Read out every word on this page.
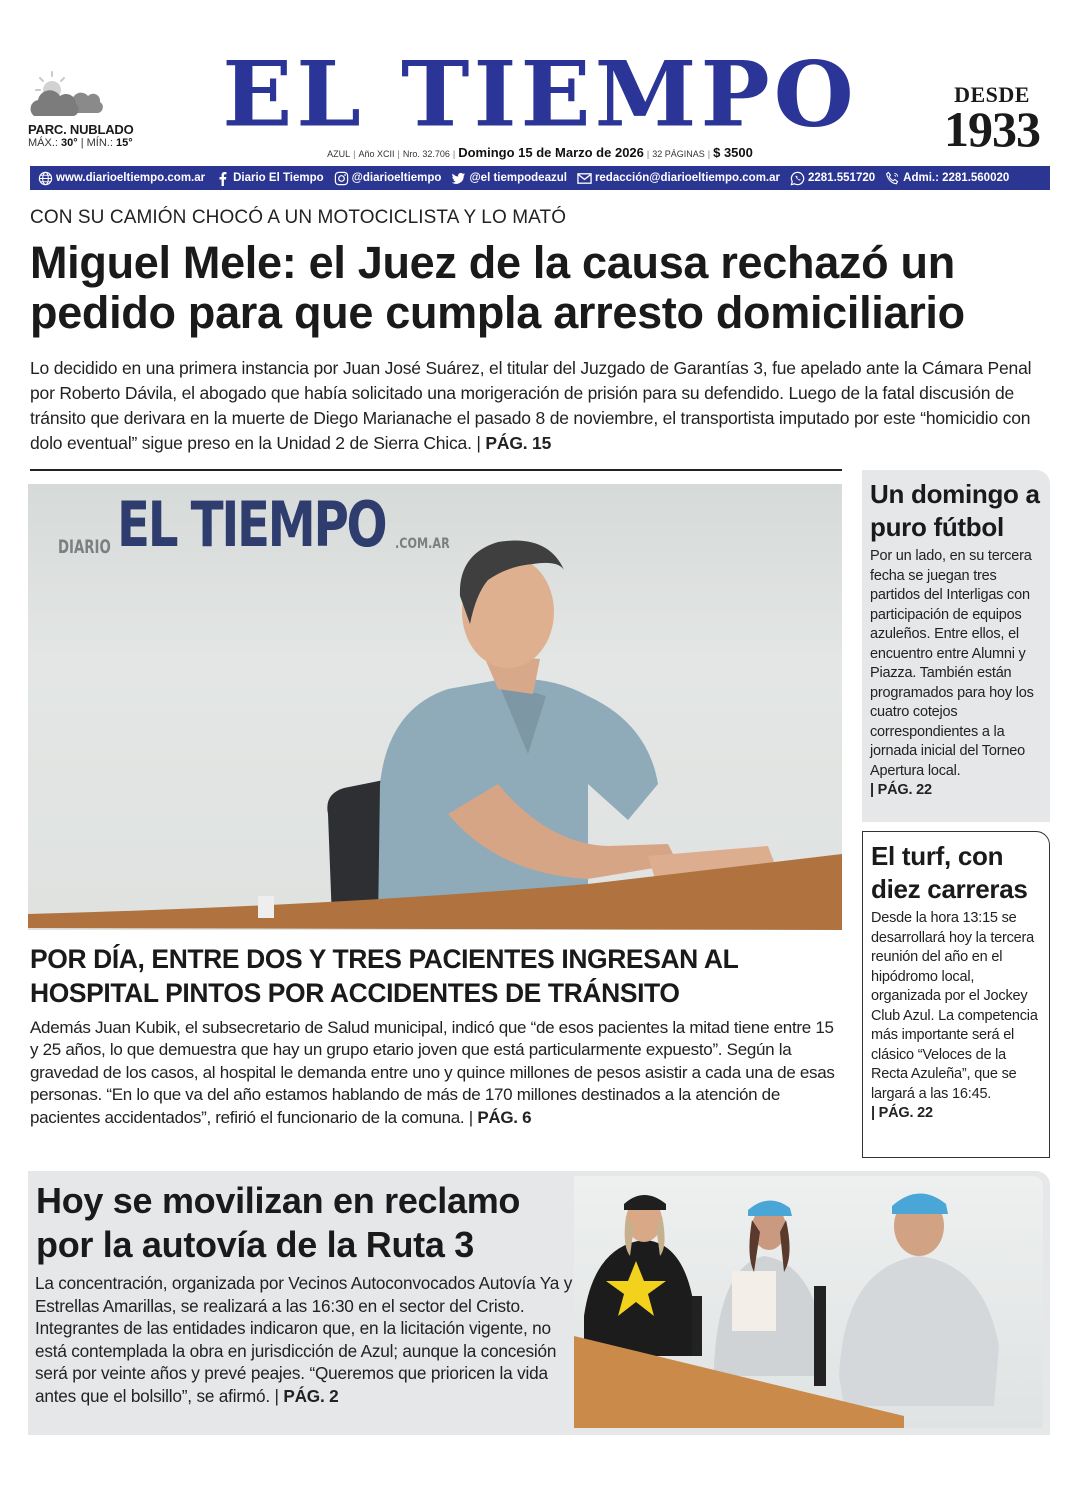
PARC. NUBLADO
MÁX.: 30° | MÍN.: 15° EL TIEMPO	DESDE
1933
AZUL | Año XCII | Nro. 32.706 | Domingo 15 de Marzo de 2026 | 32 PÁGINAS | $ 3500
www.diarioeltiempo.com.ar Diario El Tiempo @diarioeltiempo @el tiempodeazul redacción@diarioeltiempo.com.ar 2281.551720 Admi.: 2281.560020
CON SU CAMIÓN CHOCÓ A UN MOTOCICLISTA Y LO MATÓ
Miguel Mele: el Juez de la causa rechazó un pedido para que cumpla arresto domiciliario
Lo decidido en una primera instancia por Juan José Suárez, el titular del Juzgado de Garantías 3, fue apelado ante la Cámara Penal por Roberto Dávila, el abogado que había solicitado una morigeración de prisión para su defendido. Luego de la fatal discusión de tránsito que derivara en la muerte de Diego Marianache el pasado 8 de noviembre, el transportista imputado por este “homicidio con dolo eventual” sigue preso en la Unidad 2 de Sierra Chica. | PÁG. 15
DIARIO EL TIEMPO .COM.AR
POR DÍA, ENTRE DOS Y TRES PACIENTES INGRESAN AL HOSPITAL PINTOS POR ACCIDENTES DE TRÁNSITO
Además Juan Kubik, el subsecretario de Salud municipal, indicó que “de esos pacientes la mitad tiene entre 15 y 25 años, lo que demuestra que hay un grupo etario joven que está particularmente expuesto”. Según la gravedad de los casos, al hospital le demanda entre uno y quince millones de pesos asistir a cada una de esas personas. “En lo que va del año estamos hablando de más de 170 millones destinados a la atención de pacientes accidentados”, refirió el funcionario de la comuna. | PÁG. 6
Un domingo a puro fútbol
Por un lado, en su tercera fecha se juegan tres partidos del Interligas con participación de equipos azuleños. Entre ellos, el encuentro entre Alumni y Piazza. También están programados para hoy los cuatro cotejos correspondientes a la jornada inicial del Torneo Apertura local.
| PÁG. 22
El turf, con diez carreras
Desde la hora 13:15 se desarrollará hoy la tercera reunión del año en el hipódromo local, organizada por el Jockey Club Azul. La competencia más importante será el clásico “Veloces de la Recta Azuleña”, que se largará a las 16:45.
| PÁG. 22
Hoy se movilizan en reclamo por la autovía de la Ruta 3
La concentración, organizada por Vecinos Autoconvocados Autovía Ya y Estrellas Amarillas, se realizará a las 16:30 en el sector del Cristo. Integrantes de las entidades indicaron que, en la licitación vigente, no está contemplada la obra en jurisdicción de Azul; aunque la concesión será por veinte años y prevé peajes. “Queremos que prioricen la vida antes que el bolsillo”, se afirmó. | PÁG. 2
